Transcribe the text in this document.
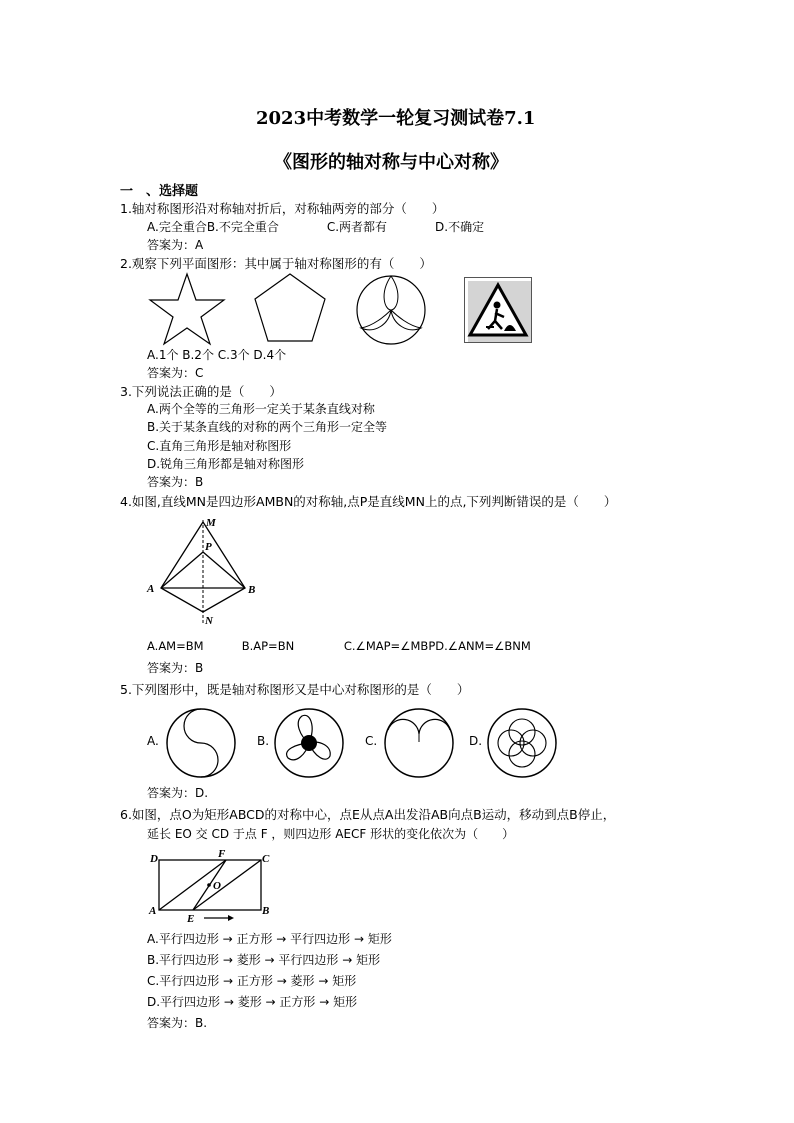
2023中考数学一轮复习测试卷7.1
《图形的轴对称与中心对称》
一　、选择题
1.轴对称图形沿对称轴对折后，对称轴两旁的部分（　　）
A.完全重合B.不完全重合　　　　C.两者都有　　　　D.不确定
答案为：A
2.观察下列平面图形：其中属于轴对称图形的有（　　）
A.1个 B.2个 C.3个 D.4个
答案为：C
3.下列说法正确的是（　　）
A.两个全等的三角形一定关于某条直线对称
B.关于某条直线的对称的两个三角形一定全等
C.直角三角形是轴对称图形
D.锐角三角形都是轴对称图形
答案为：B
4.如图,直线MN是四边形AMBN的对称轴,点P是直线MN上的点,下列判断错误的是（　　）
M
P
A	B
N
A.AM=BM　　　 B.AP=BN　　　　 C.∠MAP=∠MBPD.∠ANM=∠BNM
答案为：B
5.下列图形中，既是轴对称图形又是中心对称图形的是（　　）
A.	B.	C.	D.
答案为：D.
6.如图，点O为矩形ABCD的对称中心，点E从点A出发沿AB向点B运动，移动到点B停止，
延长 EO 交 CD 于点 F ，则四边形 AECF 形状的变化依次为（　　）
D	F	C
O
A
E
B
A.平行四边形 → 正方形 → 平行四边形 → 矩形
B.平行四边形 → 菱形 → 平行四边形 → 矩形
C.平行四边形 → 正方形 → 菱形 → 矩形
D.平行四边形 → 菱形 → 正方形 → 矩形
答案为：B.
